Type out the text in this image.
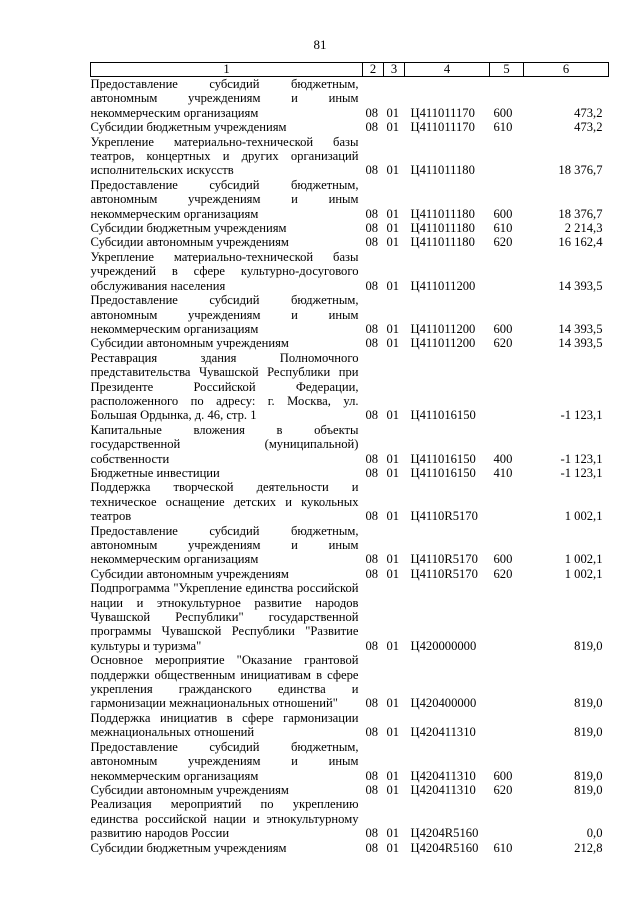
81
1	2	3	4	5	6
Предоставление субсидий бюджетным, автономным учреждениям и иным некоммерческим организациям	08	01	Ц411011170	600	473,2
Субсидии бюджетным учреждениям	08	01	Ц411011170	610	473,2
Укрепление материально-технической базы театров, концертных и других организаций исполнительских искусств	08	01	Ц411011180		18 376,7
Предоставление субсидий бюджетным, автономным учреждениям и иным некоммерческим организациям	08	01	Ц411011180	600	18 376,7
Субсидии бюджетным учреждениям	08	01	Ц411011180	610	2 214,3
Субсидии автономным учреждениям	08	01	Ц411011180	620	16 162,4
Укрепление материально-технической базы учреждений в сфере культурно-досугового обслуживания населения	08	01	Ц411011200		14 393,5
Предоставление субсидий бюджетным, автономным учреждениям и иным некоммерческим организациям	08	01	Ц411011200	600	14 393,5
Субсидии автономным учреждениям	08	01	Ц411011200	620	14 393,5
Реставрация здания Полномочного представительства Чувашской Республики при Президенте Российской Федерации, расположенного по адресу: г. Москва, ул. Большая Ордынка, д. 46, стр. 1	08	01	Ц411016150		-1 123,1
Капитальные вложения в объекты государственной (муниципальной) собственности	08	01	Ц411016150	400	-1 123,1
Бюджетные инвестиции	08	01	Ц411016150	410	-1 123,1
Поддержка творческой деятельности и техническое оснащение детских и кукольных театров	08	01	Ц4110R5170		1 002,1
Предоставление субсидий бюджетным, автономным учреждениям и иным некоммерческим организациям	08	01	Ц4110R5170	600	1 002,1
Субсидии автономным учреждениям	08	01	Ц4110R5170	620	1 002,1
Подпрограмма "Укрепление единства российской нации и этнокультурное развитие народов Чувашской Республики" государственной программы Чувашской Республики "Развитие культуры и туризма"	08	01	Ц420000000		819,0
Основное мероприятие "Оказание грантовой поддержки общественным инициативам в сфере укрепления гражданского единства и гармонизации межнациональных отношений"	08	01	Ц420400000		819,0
Поддержка инициатив в сфере гармонизации межнациональных отношений	08	01	Ц420411310		819,0
Предоставление субсидий бюджетным, автономным учреждениям и иным некоммерческим организациям	08	01	Ц420411310	600	819,0
Субсидии автономным учреждениям	08	01	Ц420411310	620	819,0
Реализация мероприятий по укреплению единства российской нации и этнокультурному развитию народов России	08	01	Ц4204R5160		0,0
Субсидии бюджетным учреждениям	08	01	Ц4204R5160	610	212,8
